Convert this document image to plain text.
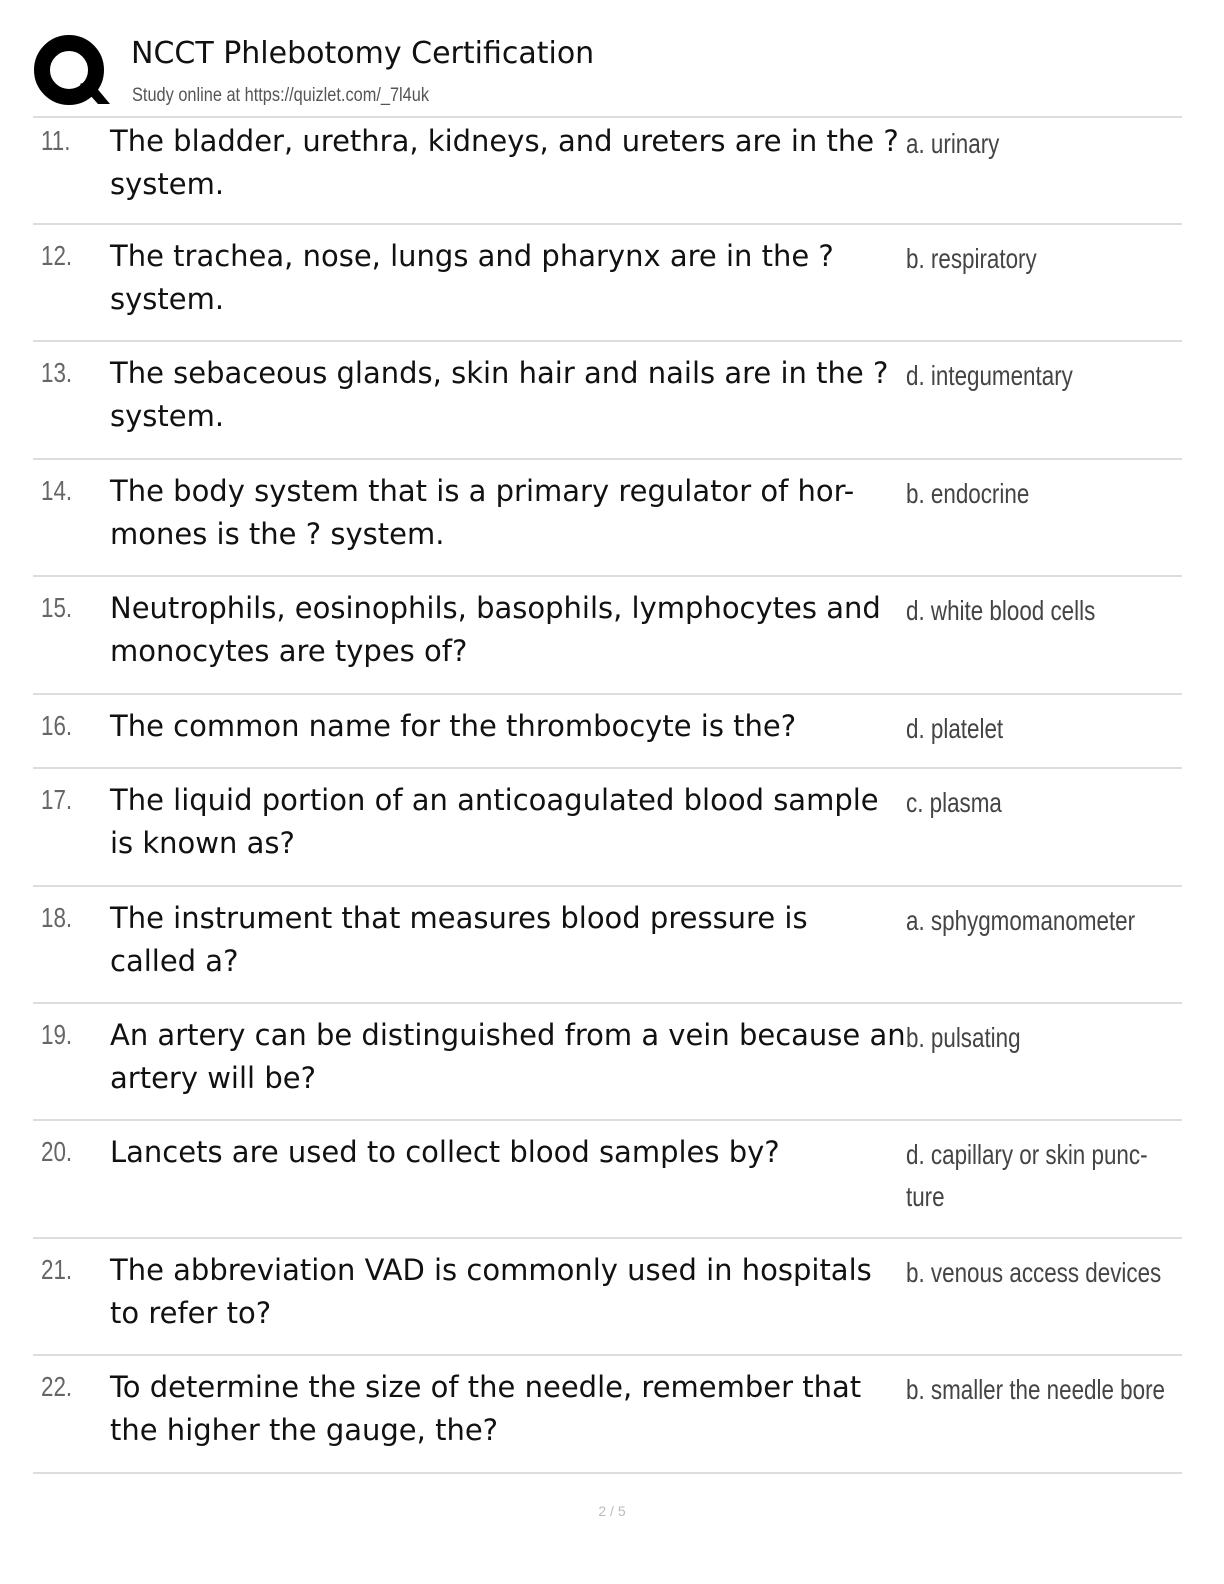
NCCT Phlebotomy Certification
Study online at https://quizlet.com/_7l4uk
11. The bladder, urethra, kidneys, and ureters are in the ?
system.
a. urinary
12. The trachea, nose, lungs and pharynx are in the ?
system.
b. respiratory
13. The sebaceous glands, skin hair and nails are in the ?
system.
d. integumentary
14. The body system that is a primary regulator of hor-
mones is the ? system.
b. endocrine
15. Neutrophils, eosinophils, basophils, lymphocytes and
monocytes are types of?
d. white blood cells
16. The common name for the thrombocyte is the?	d. platelet
17. The liquid portion of an anticoagulated blood sample
is known as?
c. plasma
18. The instrument that measures blood pressure is
called a?
a. sphygmomanometer
19. An artery can be distinguished from a vein because an
artery will be?
b. pulsating
20. Lancets are used to collect blood samples by?	d. capillary or skin punc-
ture
21. The abbreviation VAD is commonly used in hospitals
to refer to?
b. venous access devices
22. To determine the size of the needle, remember that
the higher the gauge, the?
b. smaller the needle bore
2 / 5
